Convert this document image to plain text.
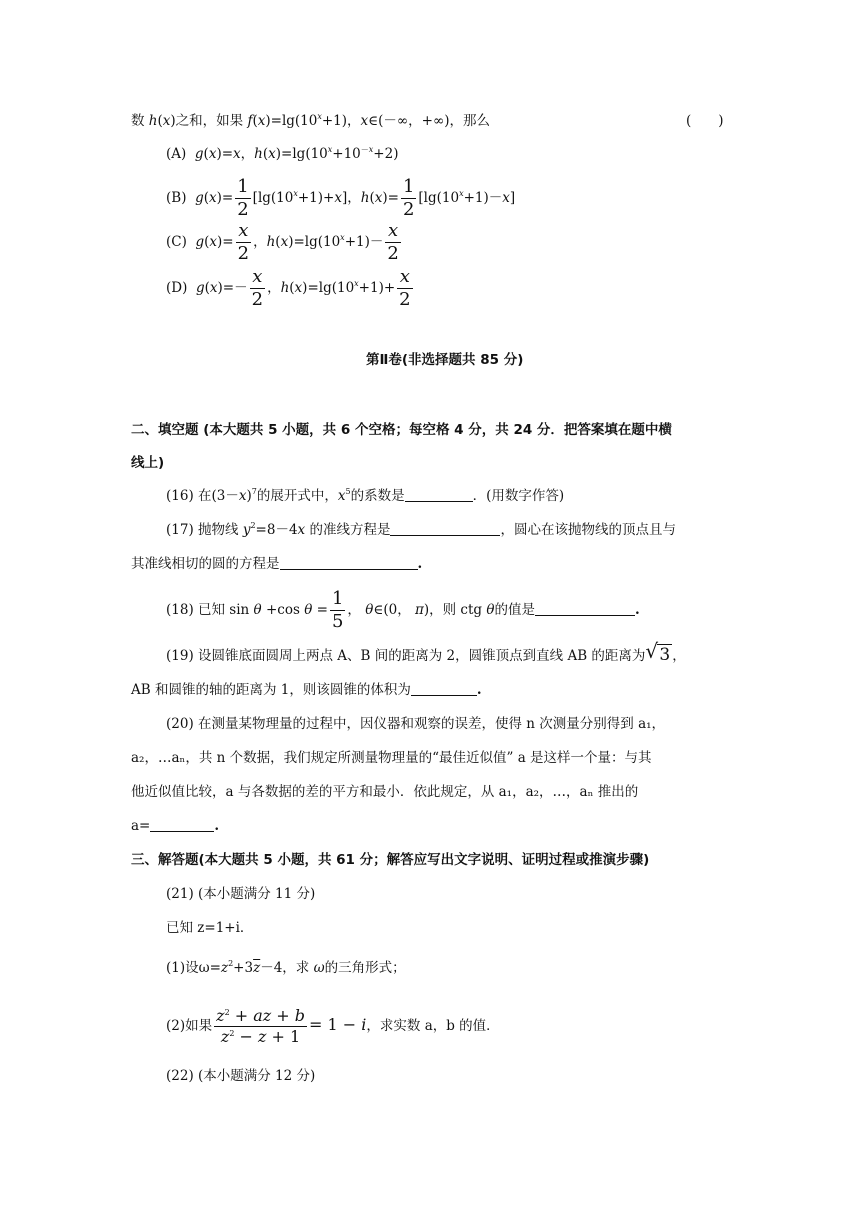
数 h(x)之和，如果 $f(x)=\lg(10^x+1)$，x∈(－∞，+∞)，那么	(　　)
(A) g(x)=x，$h(x)=\lg(10^x+10^{-x}+2)$
(B) $g(x)= \frac{1}{2} [\lg(10^x+1)+x]$，$h(x)= \frac{1}{2} [\lg(10^x+1)-x]$
(C) $g(x)= \frac{x}{2}$ ，$h(x)=\lg(10^x+1)- \frac{x}{2}$
(D) $g(x)=- \frac{x}{2}$ ，$h(x)=\lg(10^x+1)+ \frac{x}{2}$
第Ⅱ卷(非选择题共 85 分)
二、填空题 (本大题共 5 小题，共 6 个空格；每空格 4 分，共 24 分．把答案填在题中横
线上)
(16) 在$(3-x)^7$的展开式中，$x^5$的系数是	．(用数字作答)
(17) 抛物线 $y^2=8-4x$ 的准线方程是	，圆心在该抛物线的顶点且与
其准线相切的圆的方程是	.
(18) 已知 sin θ +cos $\theta = \frac{1}{5}$ ， θ∈(0， π)，则 ctg θ的值是	.
(19) 设圆锥底面圆周上两点 A、B 间的距离为 2，圆锥顶点到直线 AB 的距离为 √ 3 ，
AB 和圆锥的轴的距离为 1，则该圆锥的体积为	.
(20) 在测量某物理量的过程中，因仪器和观察的误差，使得 n 次测量分别得到 a₁，
a₂，…aₙ，共 n 个数据，我们规定所测量物理量的“最佳近似值” a 是这样一个量：与其
他近似值比较，a 与各数据的差的平方和最小．依此规定，从 a₁，a₂，…，aₙ 推出的
a=	.
三、解答题(本大题共 5 小题，共 61 分；解答应写出文字说明、证明过程或推演步骤)
(21) (本小题满分 11 分)
已知 z=1+i．
(1)设$\omega=z^2+3\overline{z}-4$，求 ω的三角形式；
(2)如果 $\frac{z^2 + az + b}{z^2 - z + 1} = 1 - i$，求实数 a，b 的值．
(22) (本小题满分 12 分)
